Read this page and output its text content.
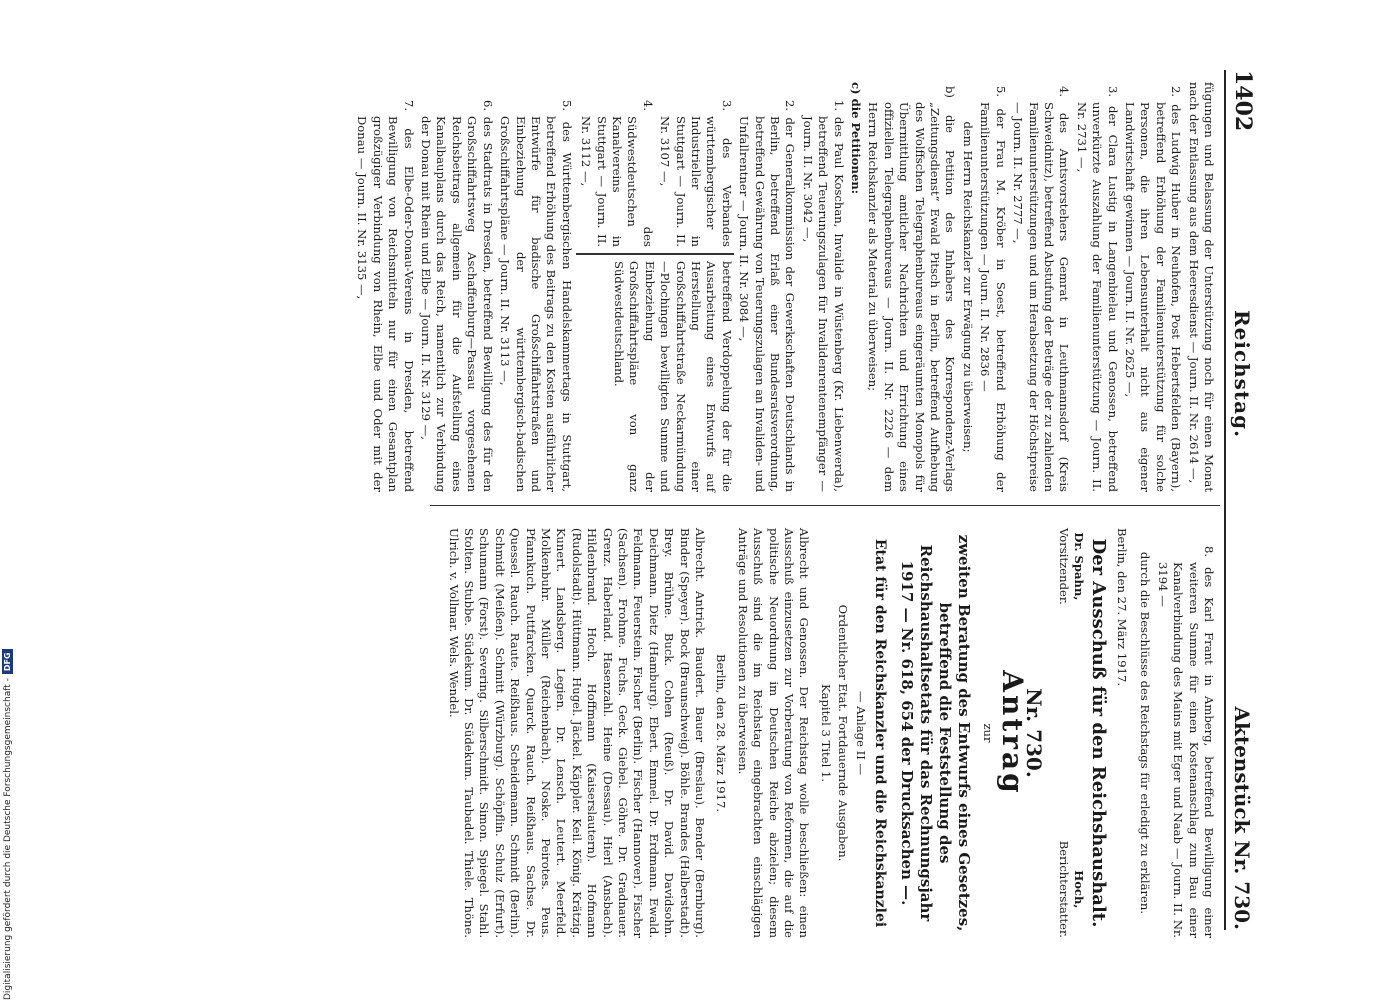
1402
Reichstag.
Aktenstück Nr. 730.

fügungen und Belassung der Unterstützung noch für einen Monat nach der Entlassung aus dem Heeresdienst — Journ. II. Nr. 2614 —,

2. des Ludwig Huber in Neuhofen, Post Hebertsfelden (Bayern), betreffend Erhöhung der Familienunterstützung für solche Personen, die ihren Lebensunterhalt nicht aus eigener Landwirtschaft gewinnen — Journ. II. Nr. 2625 —,

3. der Clara Lustig in Langenbielau und Genossen, betreffend unverkürzte Auszahlung der Familienunterstützung — Journ. II. Nr. 2731 —,

4. des Amtsvorstehers Gemrat in Leuthmannsdorf (Kreis Schweidnitz), betreffend Abstufung der Beträge der zu zahlenden Familienunterstützungen und um Herabsetzung der Höchstpreise — Journ. II. Nr. 2777 —,

5. der Frau M. Kröber in Soest, betreffend Erhöhung der Familienunterstützungen — Journ. II. Nr. 2836 —

dem Herrn Reichskanzler zur Erwägung zu überweisen;

b) die Petition des Inhabers des Korrespondenz-Verlags „Zeitungsdienst“ Ewald Pitsch in Berlin, betreffend Aufhebung des Wolffschen Telegraphenbureaus eingeräumten Monopols für Übermittlung amtlicher Nachrichten und Errichtung eines offiziellen Telegraphenbureaus — Journ. II. Nr. 2226 — dem Herrn Reichskanzler als Material zu überweisen;

c) die Petitionen:

1. des Paul Koschan, Invalide in Wüstenberg (Kr. Liebenwerda), betreffend Teuerungszulagen für Invalidenrentenempfänger — Journ. II. Nr. 3042 —,

2. der Generalkommission der Gewerkschaften Deutschlands in Berlin, betreffend Erlaß einer Bundesratsverordnung, betreffend Gewährung von Teuerungszulagen an Invaliden- und Unfallrentner — Journ. II. Nr. 3084 —,

3. des Verbandes württembergischer Industrieller in Stuttgart — Journ. II. Nr. 3107 —,

4. des Südwestdeutschen Kanalvereins in Stuttgart — Journ. II. Nr. 3112 —,

betreffend Verdoppelung der für die Ausarbeitung eines Entwurfs auf Herstellung einer Großschiffahrtstraße Neckarmündung—Plochingen bewilligten Summe und Einbeziehung der Großschiffahrtspläne von ganz Südwestdeutschland.

5. des Württembergischen Handelskammertags in Stuttgart, betreffend Erhöhung des Beitrags zu den Kosten ausführlicher Entwürfe für badische Großschiffahrtstraßen und Einbeziehung der württembergisch-badischen Großschiffahrtspläne — Journ. II. Nr. 3113 —,

6. des Stadtrats in Dresden, betreffend Bewilligung des für den Großschiffahrtsweg Aschaffenburg—Passau vorgesehenen Reichsbeitrags allgemein für die Aufstellung eines Kanalbauplans durch das Reich, namentlich zur Verbindung der Donau mit Rhein und Elbe — Journ. II. Nr. 3129 —,

7. des Elbe-Oder-Donau-Vereins in Dresden, betreffend Bewilligung von Reichsmitteln nur für einen Gesamtplan großzügiger Verbindung von Rhein, Elbe und Oder mit der Donau — Journ. II. Nr. 3135 —,

8. des Karl Frant in Amberg, betreffend Bewilligung einer weiteren Summe für einen Kostenanschlag zum Bau einer Kanalverbindung des Mains mit Eger und Naab — Journ. II. Nr. 3194 —

durch die Beschlüsse des Reichstags für erledigt zu erklären.

Berlin, den 27. März 1917.

Der Ausschuß für den Reichshaushalt.
Dr. Spahn,
Vorsitzender.
Hoch,
Berichterstatter.
Nr. 730.
Antrag

zur

zweiten Beratung des Entwurfs eines Gesetzes, betreffend die Feststellung des Reichshaushaltsetats für das Rechnungsjahr 1917 — Nr. 618, 654 der Drucksachen —.
Etat für den Reichskanzler und die Reichskanzlei

— Anlage II —

Ordentlicher Etat. Fortdauernde Ausgaben.

Kapitel 3 Titel 1.

Albrecht und Genossen. Der Reichstag wolle beschließen: einen Ausschuß einzusetzen zur Vorberatung von Reformen, die auf die politische Neuordnung im Deutschen Reiche abzielen; diesem Ausschuß sind die im Reichstag eingebrachten einschlägigen Anträge und Resolutionen zu überweisen.

Berlin, den 28. März 1917.

Albrecht. Antrick. Baudert. Bauer (Breslau). Bender (Bernburg). Binder (Speyer). Bock (Braunschweig). Böhle. Brandes (Halberstadt). Brey. Brühne. Buck. Cohen (Reuß). Dr. David. Davidsohn. Deichmann. Dietz (Hamburg). Ebert. Emmel. Dr. Erdmann. Ewald. Feldmann. Feuerstein. Fischer (Berlin). Fischer (Hannover). Fischer (Sachsen). Frohme. Fuchs. Geck. Giebel. Göhre. Dr. Gradnauer. Grenz. Haberland. Hasenzahl. Heine (Dessau). Hierl (Ansbach). Hildenbrand. Hoch. Hoffmann (Kaiserslautern). Hofmann (Rudolstadt). Hüttmann. Hugel. Jäckel. Käppler. Keil. König. Krätzig. Kunert. Landsberg. Legien. Dr. Lensch. Leutert. Meerfeld. Molkenbuhr. Müller (Reichenbach). Noske. Peirotes. Peus. Pfannkuch. Puttfarcken. Quarck. Rauch. Reißhaus. Sachse. Dr. Quessel. Rauch. Raute. Reißhaus. Scheidemann. Schmidt (Berlin). Schmidt (Meißen). Schmitt (Würzburg). Schöpflin. Schulz (Erfurt). Schumann (Forst). Severing. Silberschmidt. Simon. Spiegel. Stahl. Stolten. Stubbe. Südekum. Dr. Südekum. Taubadel. Thiele. Thöne. Ulrich. v. Vollmar. Wels. Wendel.

Digitalisierung gefördert durch die Deutsche Forschungsgemeinschaft -DFG
